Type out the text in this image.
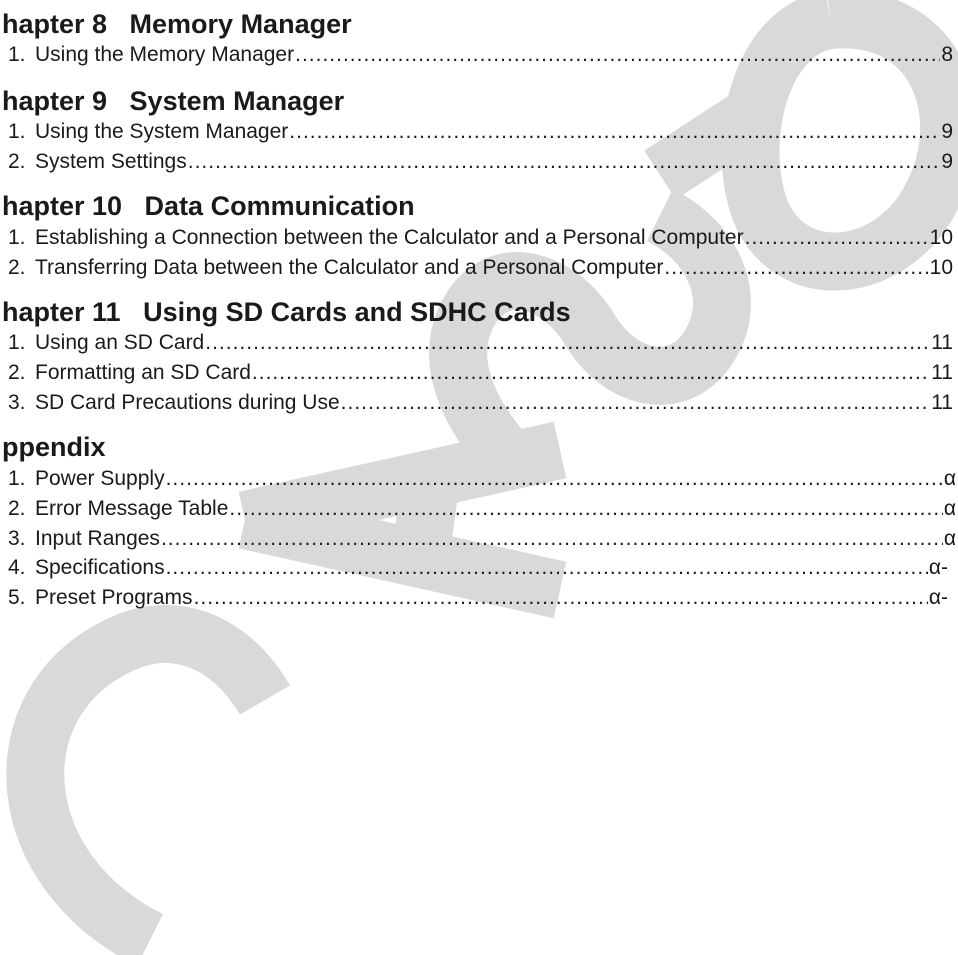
hapter 8   Memory Manager
1. Using the Memory Manager .....	8
hapter 9   System Manager
1. Using the System Manager .....	9
2. System Settings .....	9
hapter 10   Data Communication
1. Establishing a Connection between the Calculator and a Personal Computer .....	10
2. Transferring Data between the Calculator and a Personal Computer .....	10
hapter 11   Using SD Cards and SDHC Cards
1. Using an SD Card .....	11
2. Formatting an SD Card .....	11
3. SD Card Precautions during Use .....	11
ppendix
1. Power Supply .....	α
2. Error Message Table .....	α
3. Input Ranges .....	α
4. Specifications .....	α-
5. Preset Programs .....	α-
